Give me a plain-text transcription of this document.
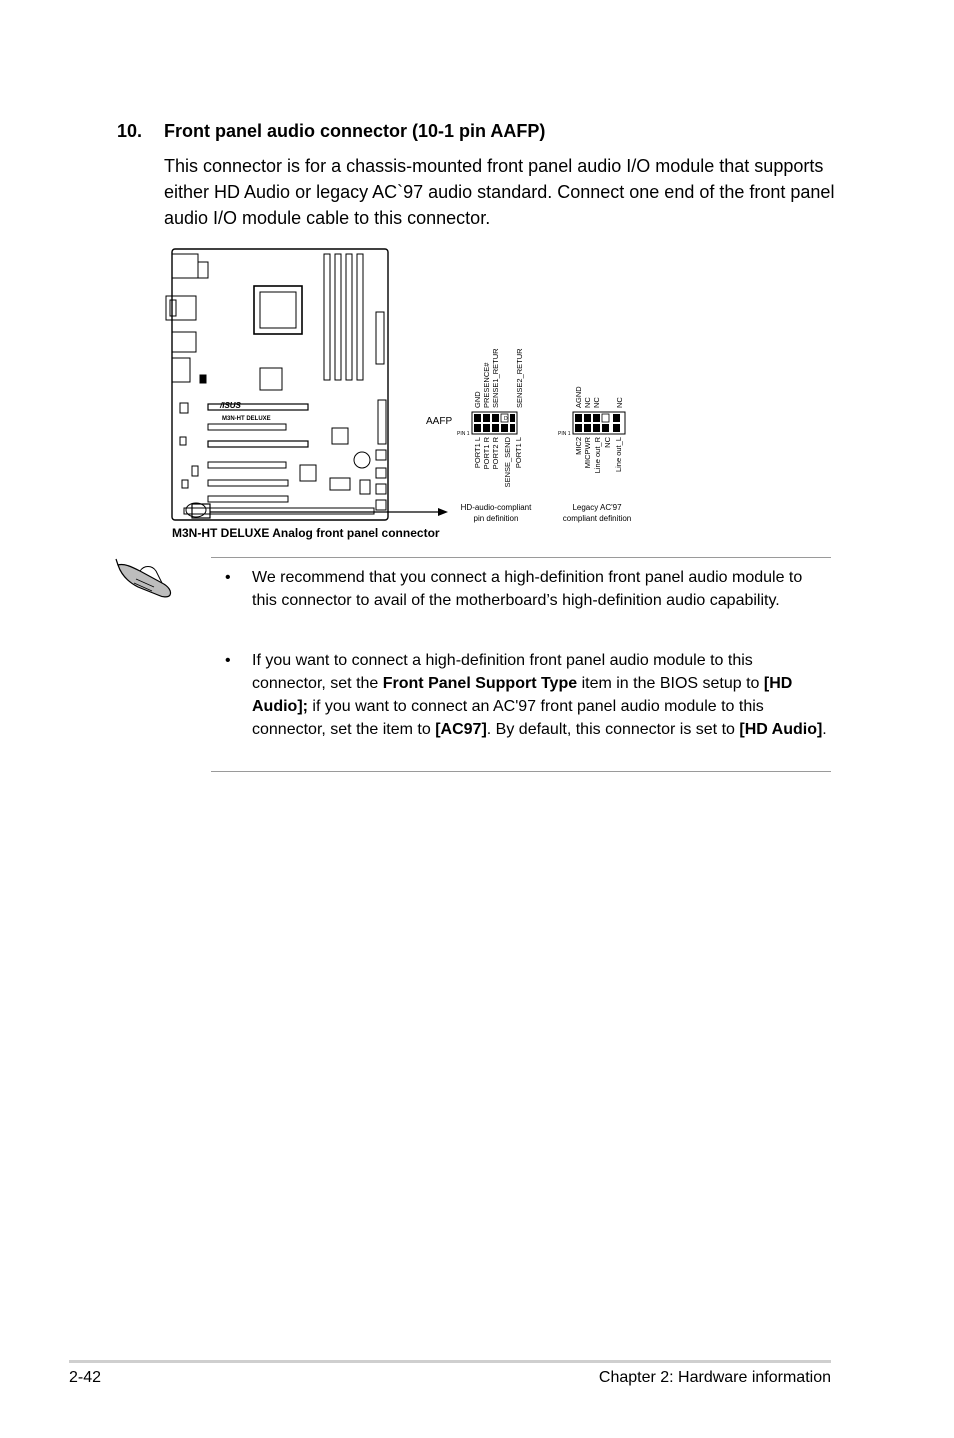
10. Front panel audio connector (10-1 pin AAFP)

This connector is for a chassis-mounted front panel audio I/O module that supports either HD Audio or legacy AC`97 audio standard. Connect one end of the front panel audio I/O module cable to this connector.

/ISUS
M3N-HT DELUXE	AAFP
PIN 1
D
GND PRESENCE# SENSE1_RETUR SENSE2_RETUR
PORT1 L PORT1 R PORT2 R SENSE_SEND PORT1 L
HD-audio-compliant
pin definition
PIN 1
AGND NC NC NC
MIC2 MICPWR Line out_R NC Line out_L
Legacy AC'97
compliant definition
M3N-HT DELUXE Analog front panel connector
• We recommend that you connect a high-definition front panel audio module to this connector to avail of the motherboard’s high-definition audio capability.
• If you want to connect a high-definition front panel audio module to this connector, set the Front Panel Support Type item in the BIOS setup to [HD Audio]; if you want to connect an AC'97 front panel audio module to this connector, set the item to [AC97]. By default, this connector is set to [HD Audio].
2-42	Chapter 2: Hardware information
